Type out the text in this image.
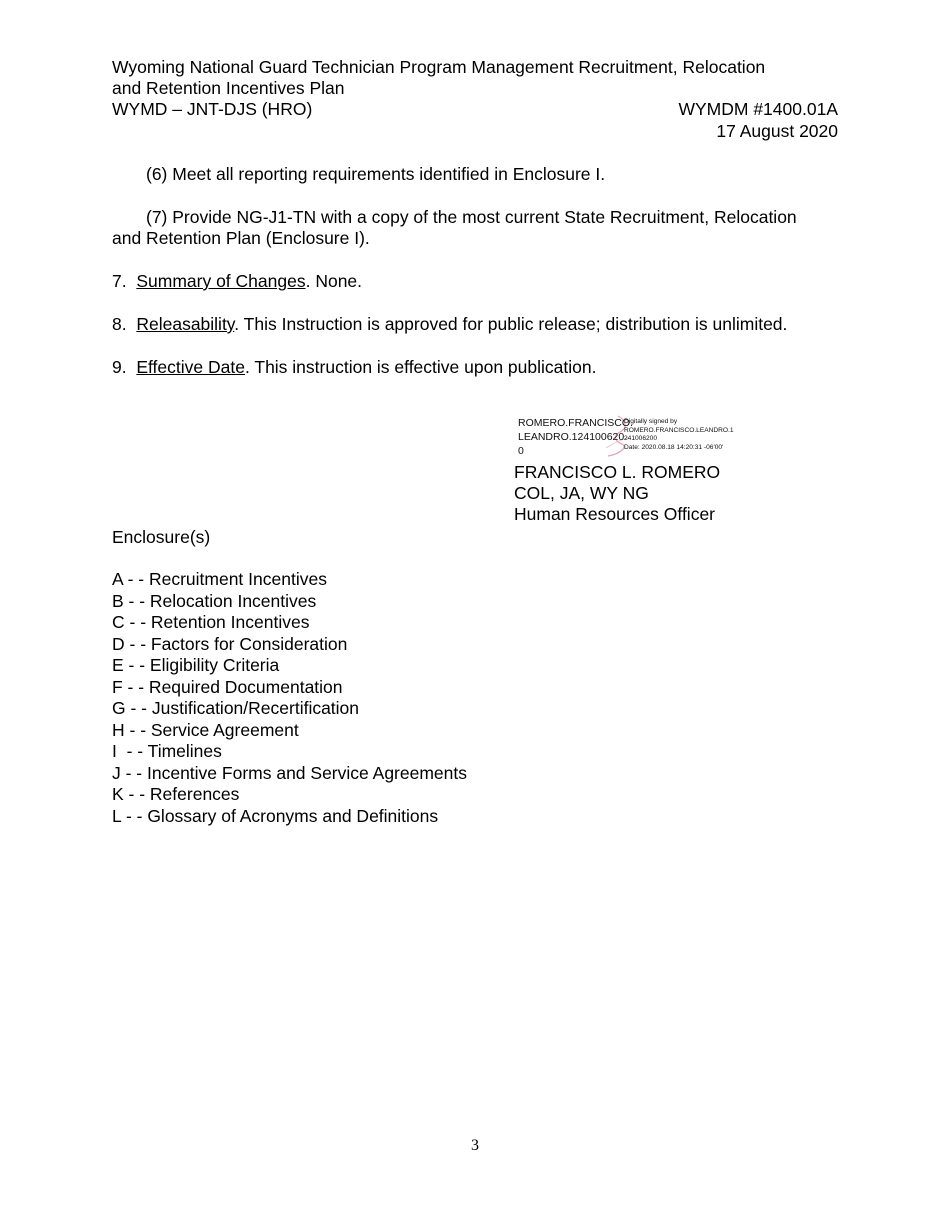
Wyoming National Guard Technician Program Management Recruitment, Relocation
and Retention Incentives Plan
WYMD – JNT-DJS (HRO)	WYMDM #1400.01A
17 August 2020
(6) Meet all reporting requirements identified in Enclosure I.
(7) Provide NG-J1-TN with a copy of the most current State Recruitment, Relocation
and Retention Plan (Enclosure I).
7. Summary of Changes. None.
8. Releasability. This Instruction is approved for public release; distribution is unlimited.
9. Effective Date. This instruction is effective upon publication.
ROMERO.FRANCISCO.
LEANDRO.124100620
0
Digitally signed by
ROMERO.FRANCISCO.LEANDRO.1
241006200
Date: 2020.08.18 14:20:31 -06'00'
FRANCISCO L. ROMERO
COL, JA, WY NG
Human Resources Officer
Enclosure(s)
A - - Recruitment Incentives
B - - Relocation Incentives
C - - Retention Incentives
D - - Factors for Consideration
E - - Eligibility Criteria
F - - Required Documentation
G - - Justification/Recertification
H - - Service Agreement
I  - - Timelines
J - - Incentive Forms and Service Agreements
K - - References
L - - Glossary of Acronyms and Definitions
3
